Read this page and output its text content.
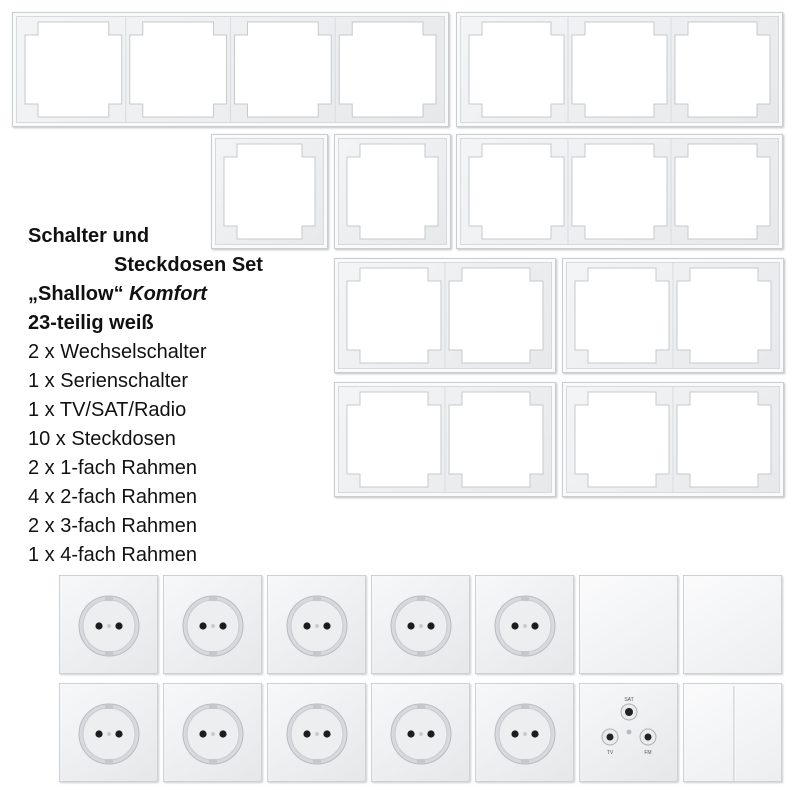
Schalter und
Steckdosen Set
„Shallow“ Komfort
23-teilig weiß
2 x Wechselschalter
1 x Serienschalter
1 x TV/SAT/Radio
10 x Steckdosen
2 x 1-fach Rahmen
4 x 2-fach Rahmen
2 x 3-fach Rahmen
1 x 4-fach Rahmen
SAT
TV	FM
